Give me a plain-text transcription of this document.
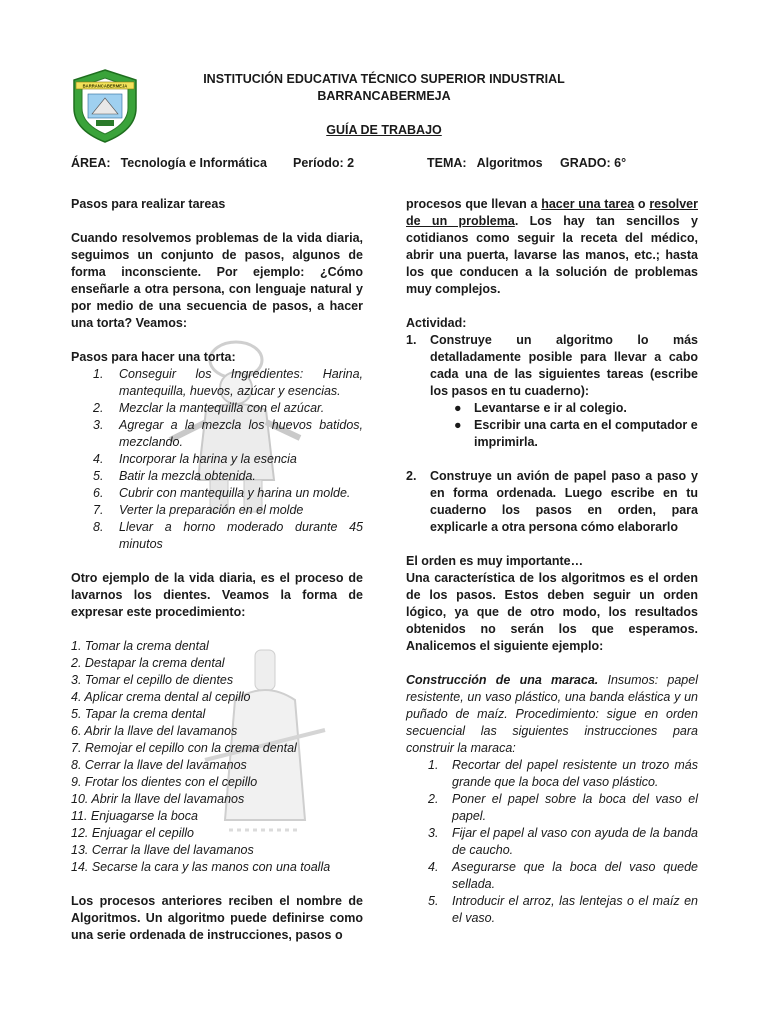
BARRANCABERMEJA
INSTITUCIÓN EDUCATIVA TÉCNICO SUPERIOR INDUSTRIAL
BARRANCABERMEJA
GUÍA DE TRABAJO
ÁREA: Tecnología e Informática Período: 2	TEMA: Algoritmos GRADO: 6°

Pasos para realizar tareas

Cuando resolvemos problemas de la vida diaria, seguimos un conjunto de pasos, algunos de forma inconsciente. Por ejemplo: ¿Cómo enseñarle a otra persona, con lenguaje natural y por medio de una secuencia de pasos, a hacer una torta? Veamos:

Pasos para hacer una torta:

1. Conseguir los Ingredientes: Harina, mantequilla, huevos, azúcar y esencias.
2. Mezclar la mantequilla con el azúcar.
3. Agregar a la mezcla los huevos batidos, mezclando.
4. Incorporar la harina y la esencia
5. Batir la mezcla obtenida.
6. Cubrir con mantequilla y harina un molde.
7. Verter la preparación en el molde
8. Llevar a horno moderado durante 45 minutos

Otro ejemplo de la vida diaria, es el proceso de lavarnos los dientes. Veamos la forma de expresar este procedimiento:

1. Tomar la crema dental
2. Destapar la crema dental
3. Tomar el cepillo de dientes
4. Aplicar crema dental al cepillo
5. Tapar la crema dental
6. Abrir la llave del lavamanos
7. Remojar el cepillo con la crema dental
8. Cerrar la llave del lavamanos
9. Frotar los dientes con el cepillo
10. Abrir la llave del lavamanos
11. Enjuagarse la boca
12. Enjuagar el cepillo
13. Cerrar la llave del lavamanos
14. Secarse la cara y las manos con una toalla

Los procesos anteriores reciben el nombre de Algoritmos. Un algoritmo puede definirse como una serie ordenada de instrucciones, pasos o

procesos que llevan a hacer una tarea o resolver de un problema. Los hay tan sencillos y cotidianos como seguir la receta del médico, abrir una puerta, lavarse las manos, etc.; hasta los que conducen a la solución de problemas muy complejos.

Actividad:

1. Construye un algoritmo lo más detalladamente posible para llevar a cabo cada una de las siguientes tareas (escribe los pasos en tu cuaderno):
● Levantarse e ir al colegio.
● Escribir una carta en el computador e imprimirla.
2. Construye un avión de papel paso a paso y en forma ordenada. Luego escribe en tu cuaderno los pasos en orden, para explicarle a otra persona cómo elaborarlo

El orden es muy importante…

Una característica de los algoritmos es el orden de los pasos. Estos deben seguir un orden lógico, ya que de otro modo, los resultados obtenidos no serán los que esperamos. Analicemos el siguiente ejemplo:

Construcción de una maraca. Insumos: papel resistente, un vaso plástico, una banda elástica y un puñado de maíz. Procedimiento: sigue en orden secuencial las siguientes instrucciones para construir la maraca:

1. Recortar del papel resistente un trozo más grande que la boca del vaso plástico.
2. Poner el papel sobre la boca del vaso el papel.
3. Fijar el papel al vaso con ayuda de la banda de caucho.
4. Asegurarse que la boca del vaso quede sellada.
5. Introducir el arroz, las lentejas o el maíz en el vaso.
